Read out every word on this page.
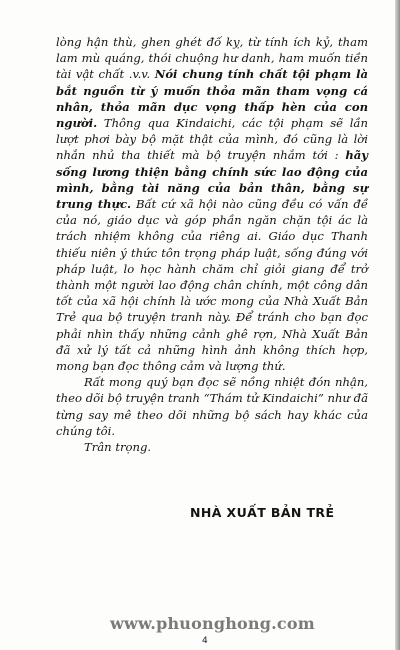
lòng hận thù, ghen ghét đố kỵ, từ tính ích kỷ, tham lam mù quáng, thói chuộng hư danh, ham muốn tiền tài vật chất .v.v. Nói chung tính chất tội phạm là bắt nguồn từ ý muốn thỏa mãn tham vọng cá nhân, thỏa mãn dục vọng thấp hèn của con người. Thông qua Kindaichi, các tội phạm sẽ lần lượt phơi bày bộ mặt thật của mình, đó cũng là lời nhắn nhủ tha thiết mà bộ truyện nhắm tới : hãy sống lương thiện bằng chính sức lao động của mình, bằng tài năng của bản thân, bằng sự trung thực. Bất cứ xã hội nào cũng đều có vấn đề của nó, giáo dục và góp phần ngăn chặn tội ác là trách nhiệm không của riêng ai. Giáo dục Thanh thiếu niên ý thức tôn trọng pháp luật, sống đúng với pháp luật, lo học hành chăm chỉ giỏi giang để trở thành một người lao động chân chính, một công dân tốt của xã hội chính là ước mong của Nhà Xuất Bản Trẻ qua bộ truyện tranh này. Để tránh cho bạn đọc phải nhìn thấy những cảnh ghê rợn, Nhà Xuất Bản đã xử lý tất cả những hình ảnh không thích hợp, mong bạn đọc thông cảm và lượng thứ.

Rất mong quý bạn đọc sẽ nồng nhiệt đón nhận, theo dõi bộ truyện tranh “Thám tử Kindaichi” như đã từng say mê theo dõi những bộ sách hay khác của chúng tôi.

Trân trọng.

NHÀ XUẤT BẢN TRẺ
www.phuonghong.com
4
